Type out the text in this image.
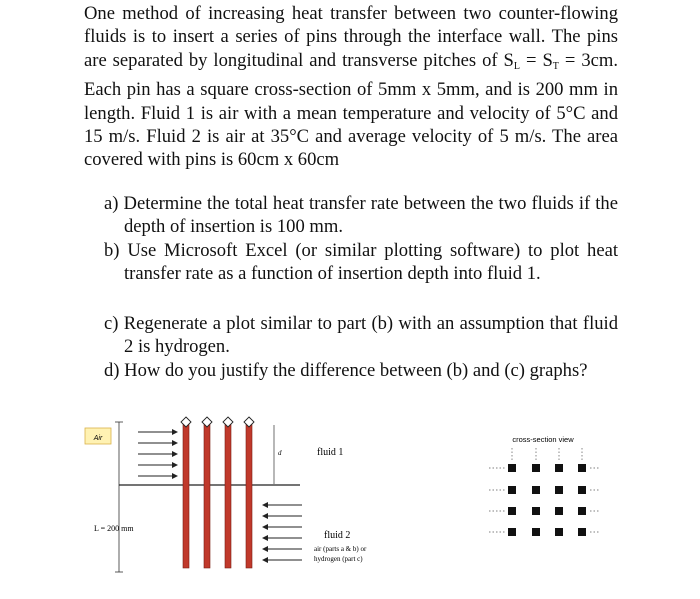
One method of increasing heat transfer between two counter-flowing fluids is to insert a series of pins through the interface wall. The pins are separated by longitudinal and transverse pitches of $S_L = S_T = 3cm$. Each pin has a square cross-section of 5mm x 5mm, and is 200 mm in length. Fluid 1 is air with a mean temperature and velocity of 5°C and 15 m/s. Fluid 2 is air at 35°C and average velocity of 5 m/s. The area covered with pins is 60cm x 60cm
a) Determine the total heat transfer rate between the two fluids if the depth of insertion is 100 mm.
b) Use Microsoft Excel (or similar plotting software) to plot heat transfer rate as a function of insertion depth into fluid 1.
c) Regenerate a plot similar to part (b) with an assumption that fluid 2 is hydrogen.
d) How do you justify the difference between (b) and (c) graphs?
Air
L = 200 mm
d	fluid 1
fluid 2
air (parts a & b) or
hydrogen (part c)
cross-section view
